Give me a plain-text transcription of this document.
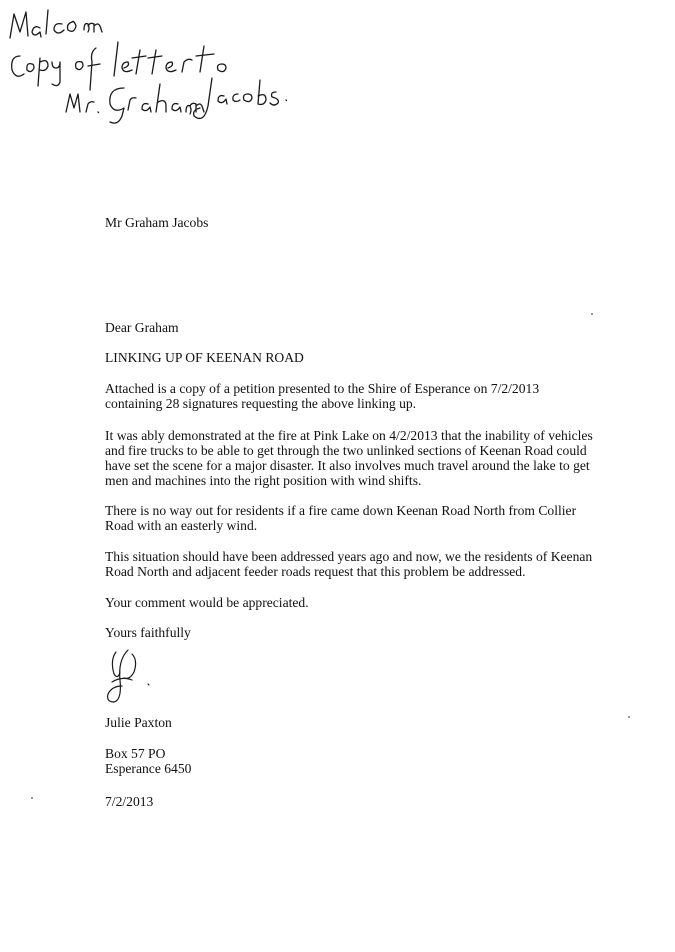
Mr Graham Jacobs
Dear Graham
LINKING UP OF KEENAN ROAD

Attached is a copy of a petition presented to the Shire of Esperance on 7/2/2013

containing 28 signatures requesting the above linking up.

It was ably demonstrated at the fire at Pink Lake on 4/2/2013 that the inability of vehicles

and fire trucks to be able to get through the two unlinked sections of Keenan Road could

have set the scene for a major disaster. It also involves much travel around the lake to get

men and machines into the right position with wind shifts.

There is no way out for residents if a fire came down Keenan Road North from Collier

Road with an easterly wind.

This situation should have been addressed years ago and now, we the residents of Keenan

Road North and adjacent feeder roads request that this problem be addressed.

Your comment would be appreciated.

Yours faithfully
Julie Paxton

Box 57 PO

Esperance 6450

7/2/2013
